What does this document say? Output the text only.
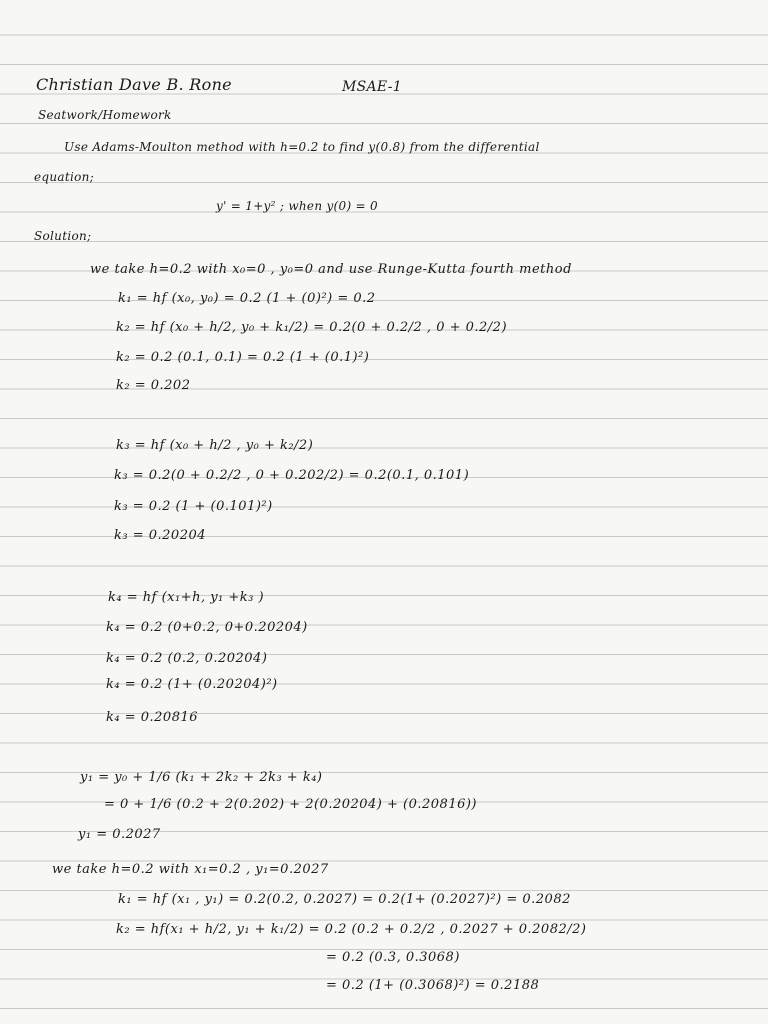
Christian Dave B. Rone	MSAE-1
Seatwork/Homework
Use Adams-Moulton method with h=0.2 to find y(0.8) from the differential
equation;
y' = 1+y² ; when y(0) = 0
Solution;
we take h=0.2 with x₀=0 , y₀=0 and use Runge-Kutta fourth method
k₁ = hf (x₀, y₀) = 0.2 (1 + (0)²) = 0.2
k₂ = hf (x₀ + h/2, y₀ + k₁/2) = 0.2(0 + 0.2/2 , 0 + 0.2/2)
k₂ = 0.2 (0.1, 0.1) = 0.2 (1 + (0.1)²)
k₂ = 0.202
k₃ = hf (x₀ + h/2 , y₀ + k₂/2)
k₃ = 0.2(0 + 0.2/2 , 0 + 0.202/2) = 0.2(0.1, 0.101)
k₃ = 0.2 (1 + (0.101)²)
k₃ = 0.20204
k₄ = hf (x₁+h, y₁ +k₃ )
k₄ = 0.2 (0+0.2, 0+0.20204)
k₄ = 0.2 (0.2, 0.20204)
k₄ = 0.2 (1+ (0.20204)²)
k₄ = 0.20816
y₁ = y₀ + 1/6 (k₁ + 2k₂ + 2k₃ + k₄)
= 0 + 1/6 (0.2 + 2(0.202) + 2(0.20204) + (0.20816))
y₁ = 0.2027
we take h=0.2 with x₁=0.2 , y₁=0.2027
k₁ = hf (x₁ , y₁) = 0.2(0.2, 0.2027) = 0.2(1+ (0.2027)²) = 0.2082
k₂ = hf(x₁ + h/2, y₁ + k₁/2) = 0.2 (0.2 + 0.2/2 , 0.2027 + 0.2082/2)
= 0.2 (0.3, 0.3068)
= 0.2 (1+ (0.3068)²) = 0.2188
